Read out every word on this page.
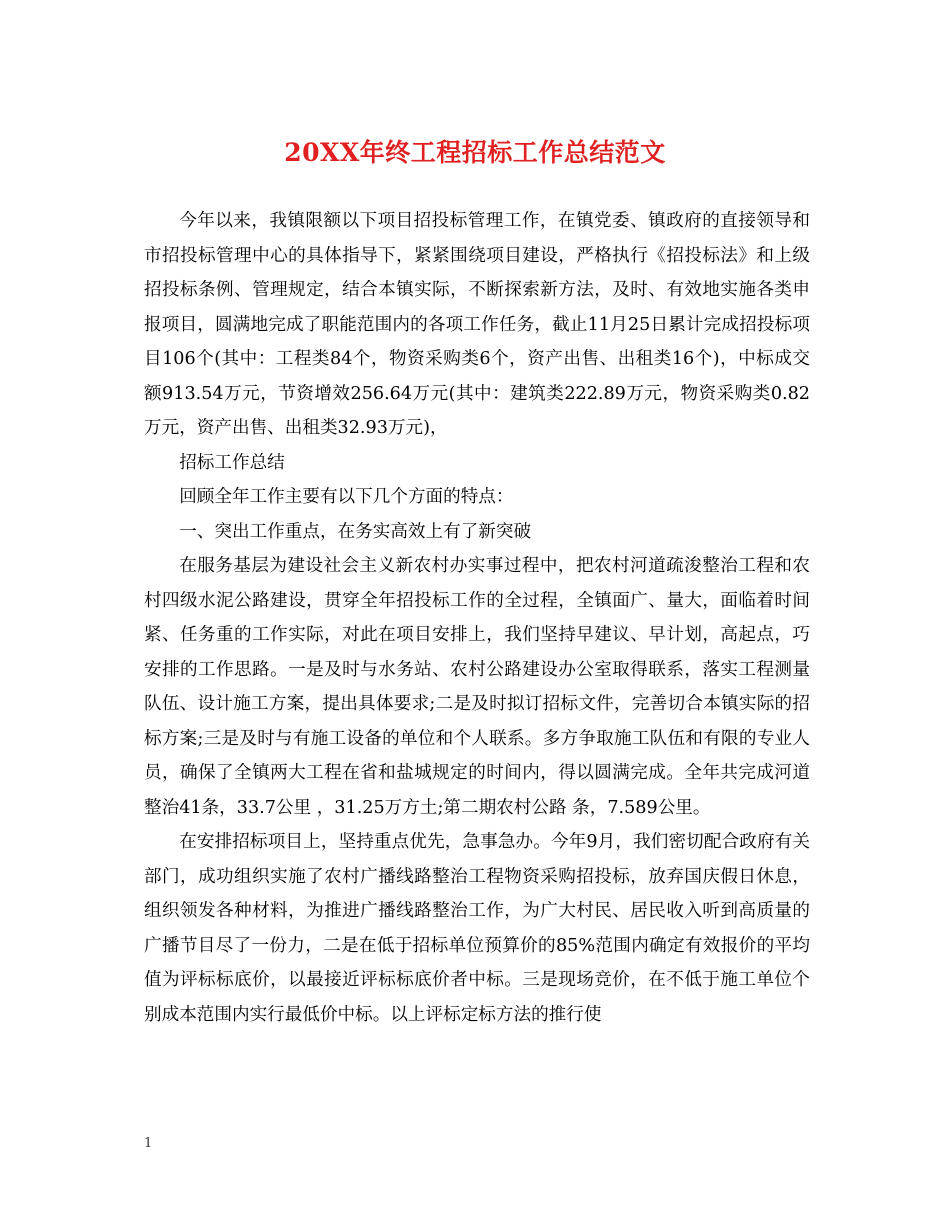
20XX年终工程招标工作总结范文

今年以来，我镇限额以下项目招投标管理工作，在镇党委、镇政府的直接领导和市招投标管理中心的具体指导下，紧紧围绕项目建设，严格执行《招投标法》和上级招投标条例、管理规定，结合本镇实际，不断探索新方法，及时、有效地实施各类申报项目，圆满地完成了职能范围内的各项工作任务，截止11月25日累计完成招投标项目106个(其中：工程类84个，物资采购类6个，资产出售、出租类16个)，中标成交额913.54万元，节资增效256.64万元(其中：建筑类222.89万元，物资采购类0.82万元，资产出售、出租类32.93万元)，

招标工作总结

回顾全年工作主要有以下几个方面的特点：

一、突出工作重点，在务实高效上有了新突破

在服务基层为建设社会主义新农村办实事过程中，把农村河道疏浚整治工程和农村四级水泥公路建设，贯穿全年招投标工作的全过程，全镇面广、量大，面临着时间紧、任务重的工作实际，对此在项目安排上，我们坚持早建议、早计划，高起点，巧安排的工作思路。一是及时与水务站、农村公路建设办公室取得联系，落实工程测量队伍、设计施工方案，提出具体要求;二是及时拟订招标文件，完善切合本镇实际的招标方案;三是及时与有施工设备的单位和个人联系。多方争取施工队伍和有限的专业人员，确保了全镇两大工程在省和盐城规定的时间内，得以圆满完成。全年共完成河道整治41条，33.7公里 ，31.25万方土;第二期农村公路 条，7.589公里。

在安排招标项目上，坚持重点优先，急事急办。今年9月，我们密切配合政府有关部门，成功组织实施了农村广播线路整治工程物资采购招投标，放弃国庆假日休息，组织领发各种材料，为推进广播线路整治工作，为广大村民、居民收入听到高质量的广播节目尽了一份力，二是在低于招标单位预算价的85%范围内确定有效报价的平均值为评标标底价，以最接近评标标底价者中标。三是现场竞价，在不低于施工单位个别成本范围内实行最低价中标。以上评标定标方法的推行使

1
